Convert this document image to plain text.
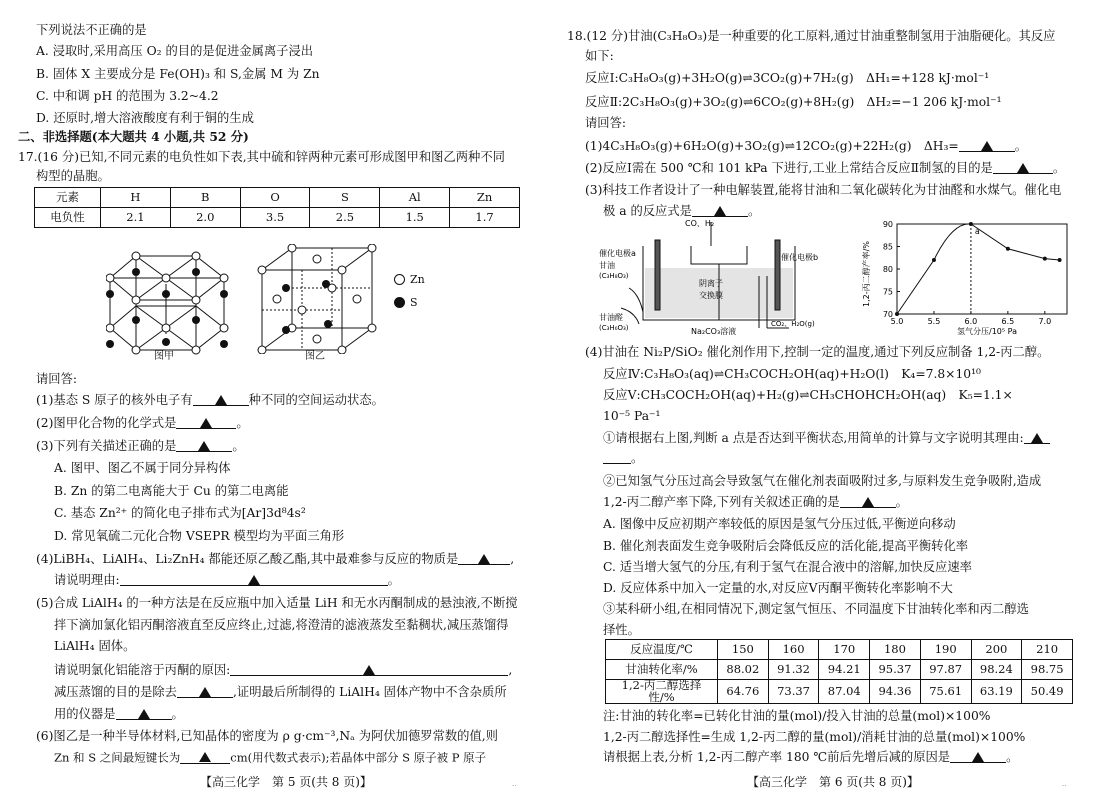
下列说法不正确的是
A. 浸取时,采用高压 O₂ 的目的是促进金属离子浸出
B. 固体 X 主要成分是 Fe(OH)₃ 和 S,金属 M 为 Zn
C. 中和调 pH 的范围为 3.2~4.2
D. 还原时,增大溶液酸度有利于铜的生成
二、非选择题(本大题共 4 小题,共 52 分)
17.(16 分)已知,不同元素的电负性如下表,其中硫和锌两种元素可形成图甲和图乙两种不同
构型的晶胞。
元素	H	B	O	S	Al	Zn
电负性	2.1	2.0	3.5	2.5	1.5	1.7
图甲	图乙
Zn
S
请回答:
(1)基态 S 原子的核外电子有	种不同的空间运动状态。
(2)图甲化合物的化学式是	。
(3)下列有关描述正确的是	。
A. 图甲、图乙不属于同分异构体
B. Zn 的第二电离能大于 Cu 的第二电离能
C. 基态 Zn²⁺ 的简化电子排布式为[Ar]3d⁸4s²
D. 常见氧硫二元化合物 VSEPR 模型均为平面三角形
(4)LiBH₄、LiAlH₄、Li₂ZnH₄ 都能还原乙酸乙酯,其中最难参与反应的物质是	,
请说明理由:	。
(5)合成 LiAlH₄ 的一种方法是在反应瓶中加入适量 LiH 和无水丙酮制成的悬浊液,不断搅
拌下滴加氯化铝丙酮溶液直至反应终止,过滤,将澄清的滤液蒸发至黏稠状,减压蒸馏得
LiAlH₄ 固体。
请说明氯化铝能溶于丙酮的原因:	,
减压蒸馏的目的是除去	,证明最后所制得的 LiAlH₄ 固体产物中不含杂质所
用的仪器是	。
(6)图乙是一种半导体材料,已知晶体的密度为 ρ g·cm⁻³,Nₐ 为阿伏加德罗常数的值,则
Zn 和 S 之间最短键长为	cm(用代数式表示);若晶体中部分 S 原子被 P 原子
【高三化学　第 5 页(共 8 页)】	··
18.(12 分)甘油(C₃H₈O₃)是一种重要的化工原料,通过甘油重整制氢用于油脂硬化。其反应
如下:
反应Ⅰ:C₃H₈O₃(g)+3H₂O(g)⇌3CO₂(g)+7H₂(g)　ΔH₁=+128 kJ·mol⁻¹
反应Ⅱ:2C₃H₈O₃(g)+3O₂(g)⇌6CO₂(g)+8H₂(g)　ΔH₂=−1 206 kJ·mol⁻¹
请回答:
(1)4C₃H₈O₃(g)+6H₂O(g)+3O₂(g)⇌12CO₂(g)+22H₂(g)　ΔH₃=	。
(2)反应Ⅰ需在 500 ℃和 101 kPa 下进行,工业上常结合反应Ⅱ制氢的目的是	。
(3)科技工作者设计了一种电解装置,能将甘油和二氧化碳转化为甘油醛和水煤气。催化电
极 a 的反应式是	。
CO、H₂
催化电极a
甘油
(C₃H₈O₃)
催化电极b
阴离子
交换膜
甘油醛
(C₃H₆O₃)	Na₂CO₃溶液
CO₂、H₂O(g)
70
75
80
85
90
5.0	5.5	6.0	6.5	7.0
a
1,2-丙二醇产率/%
氢气分压/10⁵ Pa
(4)甘油在 Ni₂P/SiO₂ 催化剂作用下,控制一定的温度,通过下列反应制备 1,2-丙二醇。
反应Ⅳ:C₃H₈O₃(aq)⇌CH₃COCH₂OH(aq)+H₂O(l)　K₄=7.8×10¹⁰
反应Ⅴ:CH₃COCH₂OH(aq)+H₂(g)⇌CH₃CHOHCH₂OH(aq)　K₅=1.1×
10⁻⁵ Pa⁻¹
①请根据右上图,判断 a 点是否达到平衡状态,用简单的计算与文字说明其理由:
。
②已知氢气分压过高会导致氢气在催化剂表面吸附过多,与原料发生竞争吸附,造成
1,2-丙二醇产率下降,下列有关叙述正确的是	。
A. 图像中反应初期产率较低的原因是氢气分压过低,平衡逆向移动
B. 催化剂表面发生竞争吸附后会降低反应的活化能,提高平衡转化率
C. 适当增大氢气的分压,有利于氢气在混合液中的溶解,加快反应速率
D. 反应体系中加入一定量的水,对反应Ⅴ丙酮平衡转化率影响不大
③某科研小组,在相同情况下,测定氢气恒压、不同温度下甘油转化率和丙二醇选
择性。
反应温度/℃	150	160	170	180	190	200	210
甘油转化率/%	88.02	91.32	94.21	95.37	97.87	98.24	98.75
1,2-丙二醇选择性/%	64.76	73.37	87.04	94.36	75.61	63.19	50.49
注:甘油的转化率=已转化甘油的量(mol)/投入甘油的总量(mol)×100%
1,2-丙二醇选择性=生成 1,2-丙二醇的量(mol)/消耗甘油的总量(mol)×100%
请根据上表,分析 1,2-丙二醇产率 180 ℃前后先增后减的原因是	。
【高三化学　第 6 页(共 8 页)】	··
